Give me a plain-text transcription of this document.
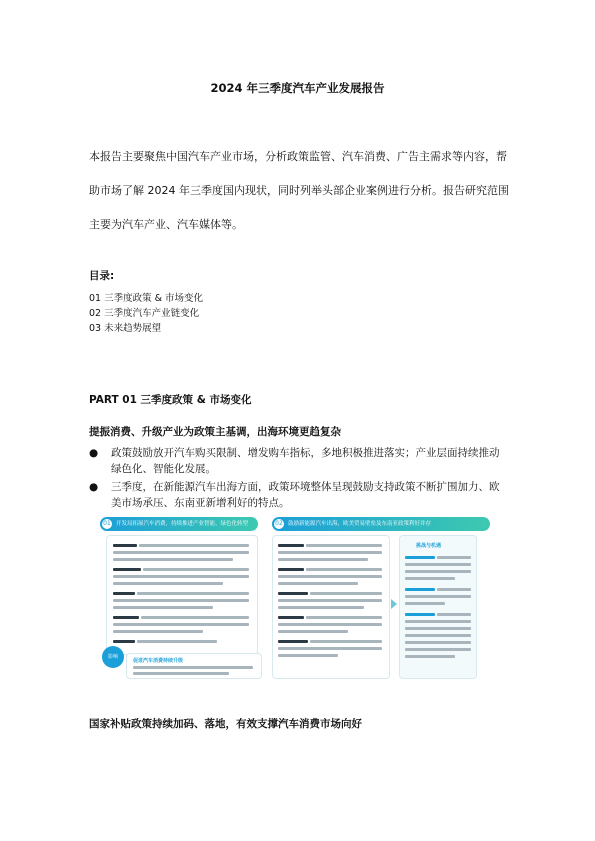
2024 年三季度汽车产业发展报告
本报告主要聚焦中国汽车产业市场，分析政策监管、汽车消费、广告主需求等内容，帮助市场了解 2024 年三季度国内现状，同时列举头部企业案例进行分析。报告研究范围主要为汽车产业、汽车媒体等。
目录:
01 三季度政策 & 市场变化
02 三季度汽车产业链变化
03 未来趋势展望
PART 01 三季度政策 & 市场变化
提振消费、升级产业为政策主基调，出海环境更趋复杂
● 政策鼓励放开汽车购买限制、增发购车指标，多地积极推进落实；产业层面持续推动绿色化、智能化发展。
● 三季度，在新能源汽车出海方面，政策环境整体呈现鼓励支持政策不断扩围加力、欧美市场承压、东南亚新增利好的特点。
01 开发局拓展汽车消费，持续推进产业智能、绿色化转型
影响
促进汽车消费持续升级
02 鼓励新能源汽车出海，欧美贸易壁垒及东南亚政策利好并存
挑战与机遇
国家补贴政策持续加码、落地，有效支撑汽车消费市场向好
